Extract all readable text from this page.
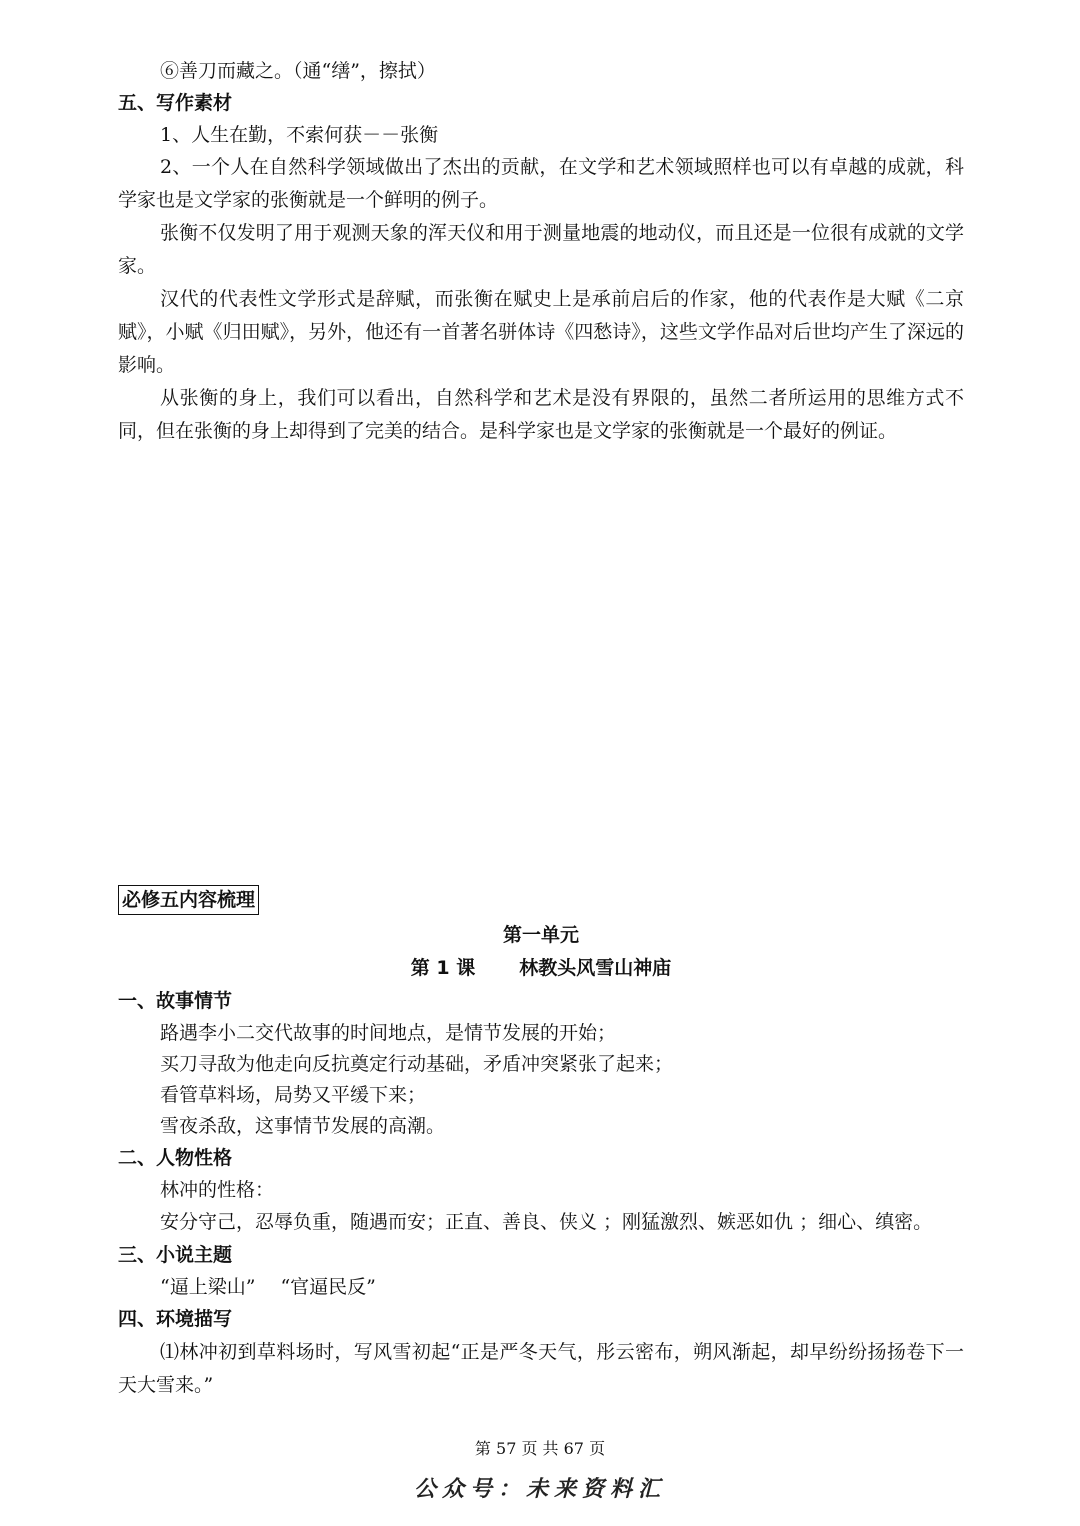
⑥善刀而藏之。（通“缮”，擦拭）

五、写作素材

1、人生在勤，不索何获－－张衡

2、一个人在自然科学领域做出了杰出的贡献，在文学和艺术领域照样也可以有卓越的成就，科学家也是文学家的张衡就是一个鲜明的例子。

张衡不仅发明了用于观测天象的浑天仪和用于测量地震的地动仪，而且还是一位很有成就的文学家。

汉代的代表性文学形式是辞赋，而张衡在赋史上是承前启后的作家，他的代表作是大赋《二京赋》，小赋《归田赋》，另外，他还有一首著名骈体诗《四愁诗》，这些文学作品对后世均产生了深远的影响。

从张衡的身上，我们可以看出，自然科学和艺术是没有界限的，虽然二者所运用的思维方式不同，但在张衡的身上却得到了完美的结合。是科学家也是文学家的张衡就是一个最好的例证。

必修五内容梳理

第一单元

第 1 课 林教头风雪山神庙

一、故事情节

路遇李小二交代故事的时间地点，是情节发展的开始；

买刀寻敌为他走向反抗奠定行动基础，矛盾冲突紧张了起来；

看管草料场，局势又平缓下来；

雪夜杀敌，这事情节发展的高潮。

二、人物性格

林冲的性格：

安分守己，忍辱负重，随遇而安；正直、善良、侠义 ；刚猛激烈、嫉恶如仇 ；细心、缜密。

三、小说主题

“逼上梁山”　 “官逼民反”

四、环境描写

⑴林冲初到草料场时，写风雪初起“正是严冬天气，彤云密布，朔风渐起，却早纷纷扬扬卷下一天大雪来。”

第 57 页 共 67 页
公众号：未来资料汇
